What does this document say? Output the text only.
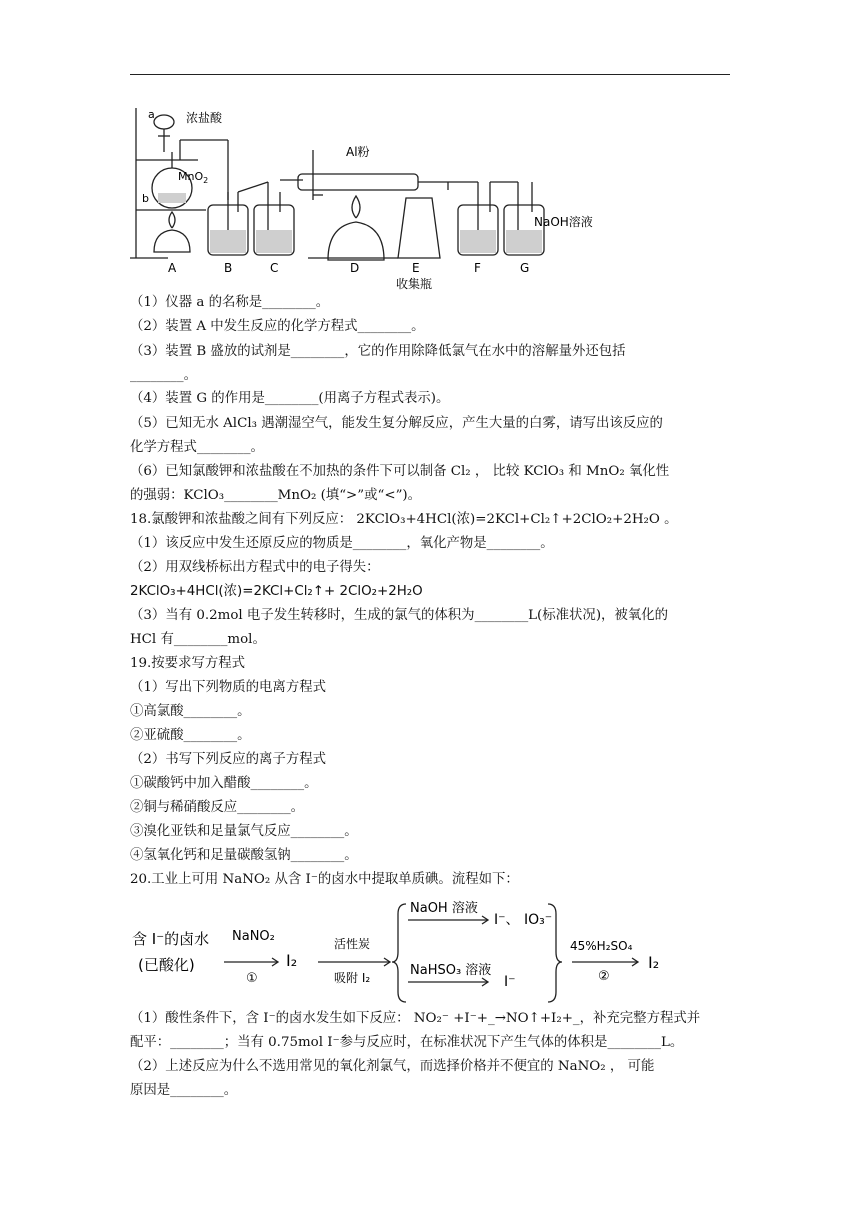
a
b
浓盐酸
MnO$_2$
Al粉
NaOH溶液
A	B	C	D	E	F	G
收集瓶
（1）仪器 a 的名称是________。
（2）装置 A 中发生反应的化学方程式________。
（3）装置 B 盛放的试剂是________，它的作用除降低氯气在水中的溶解量外还包括
________。
（4）装置 G 的作用是________(用离子方程式表示)。
（5）已知无水 AlCl₃ 遇潮湿空气，能发生复分解反应，产生大量的白雾，请写出该反应的
化学方程式________。
（6）已知氯酸钾和浓盐酸在不加热的条件下可以制备 Cl₂ ， 比较 KClO₃ 和 MnO₂ 氧化性
的强弱：KClO₃________MnO₂ (填“>”或“<”)。
18.氯酸钾和浓盐酸之间有下列反应： 2KClO₃+4HCl(浓)=2KCl+Cl₂↑+2ClO₂+2H₂O 。
（1）该反应中发生还原反应的物质是________，氧化产物是________。
（2）用双线桥标出方程式中的电子得失：
2KClO₃+4HCl(浓)=2KCl+Cl₂↑+ 2ClO₂+2H₂O
（3）当有 0.2mol 电子发生转移时，生成的氯气的体积为________L(标准状况)，被氧化的
HCl 有________mol。
19.按要求写方程式
（1）写出下列物质的电离方程式
①高氯酸________。
②亚硫酸________。
（2）书写下列反应的离子方程式
①碳酸钙中加入醋酸________。
②铜与稀硝酸反应________。
③溴化亚铁和足量氯气反应________。
④氢氧化钙和足量碳酸氢钠________。
20.工业上可用 NaNO₂ 从含 I⁻的卤水中提取单质碘。流程如下：
含 I⁻的卤水
(已酸化)
NaNO₂
①
I₂
活性炭
吸附 I₂
NaOH 溶液
I⁻、 IO₃⁻
NaHSO₃ 溶液
I⁻
45%H₂SO₄
②
I₂
（1）酸性条件下，含 I⁻的卤水发生如下反应： NO₂⁻ +I⁻+_→NO↑+I₂+_，补充完整方程式并
配平：________；当有 0.75mol I⁻参与反应时，在标准状况下产生气体的体积是________L。
（2）上述反应为什么不选用常见的氧化剂氯气，而选择价格并不便宜的 NaNO₂ ， 可能
原因是________。
